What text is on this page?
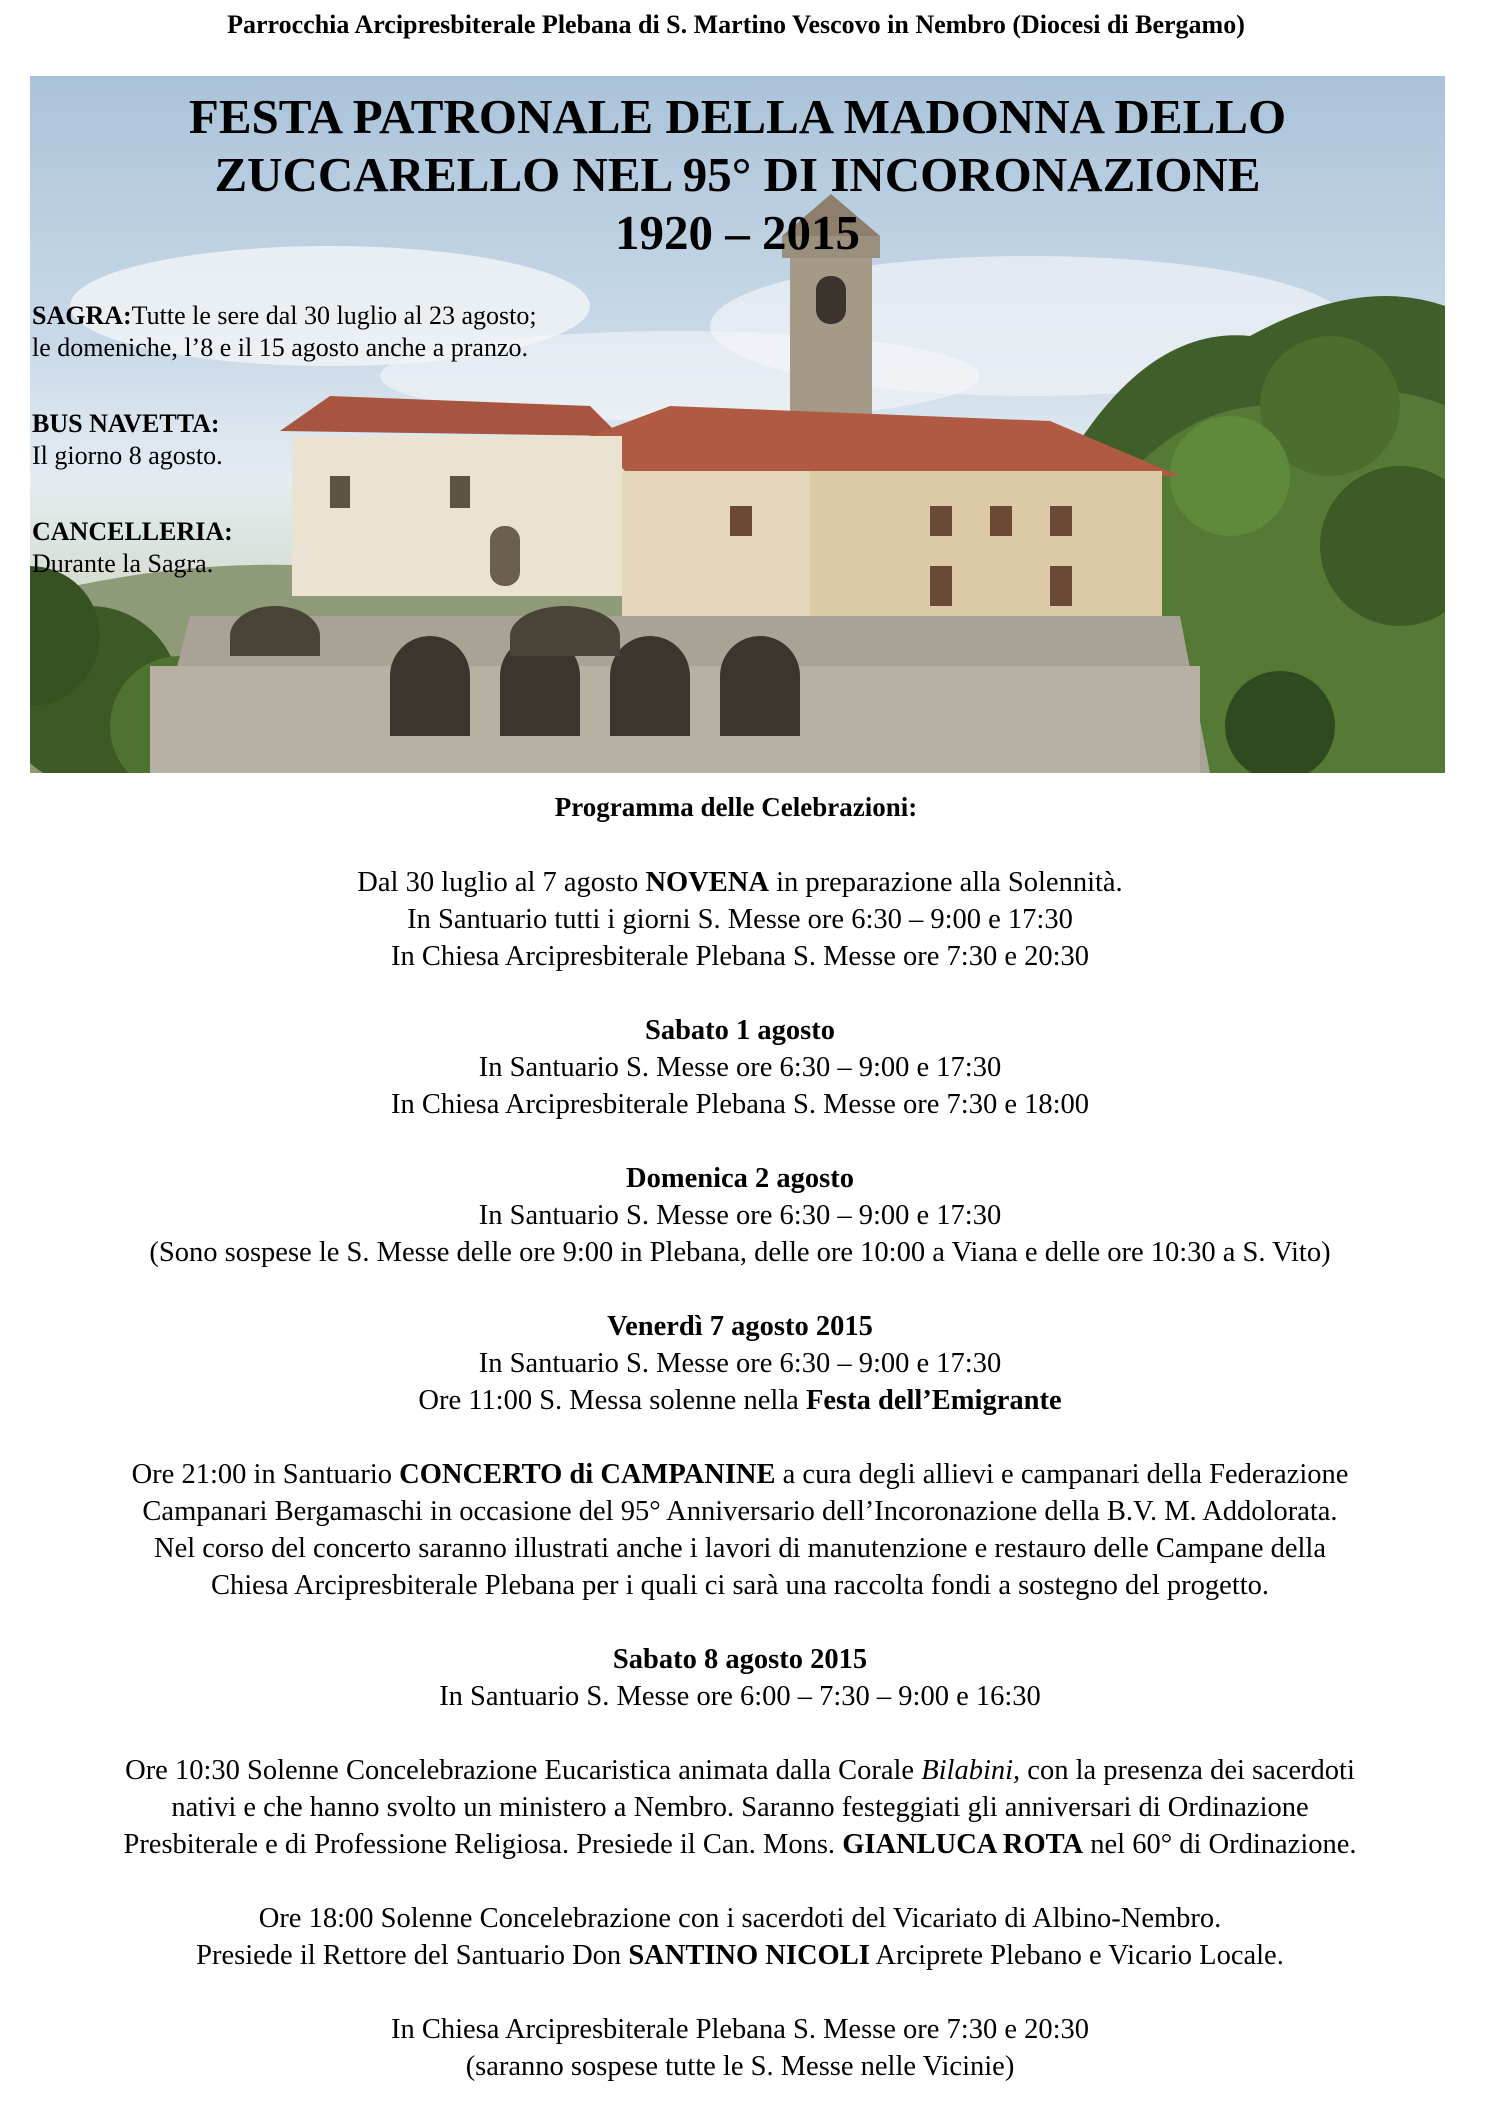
Parrocchia Arcipresbiterale Plebana di S. Martino Vescovo in Nembro (Diocesi di Bergamo)
FESTA PATRONALE DELLA MADONNA DELLO
ZUCCARELLO NEL 95° DI INCORONAZIONE
1920 – 2015
SAGRA:Tutte le sere dal 30 luglio al 23 agosto;
le domeniche, l’8 e il 15 agosto anche a pranzo.
BUS NAVETTA:
Il giorno 8 agosto.
CANCELLERIA:
Durante la Sagra.
Programma delle Celebrazioni:

Dal 30 luglio al 7 agosto NOVENA in preparazione alla Solennità.
In Santuario tutti i giorni S. Messe ore 6:30 – 9:00 e 17:30
In Chiesa Arcipresbiterale Plebana S. Messe ore 7:30 e 20:30

Sabato 1 agosto
In Santuario S. Messe ore 6:30 – 9:00 e 17:30
In Chiesa Arcipresbiterale Plebana S. Messe ore 7:30 e 18:00

Domenica 2 agosto
In Santuario S. Messe ore 6:30 – 9:00 e 17:30
(Sono sospese le S. Messe delle ore 9:00 in Plebana, delle ore 10:00 a Viana e delle ore 10:30 a S. Vito)

Venerdì 7 agosto 2015
In Santuario S. Messe ore 6:30 – 9:00 e 17:30
Ore 11:00 S. Messa solenne nella Festa dell’Emigrante

Ore 21:00 in Santuario CONCERTO di CAMPANINE a cura degli allievi e campanari della Federazione
Campanari Bergamaschi in occasione del 95° Anniversario dell’Incoronazione della B.V. M. Addolorata.
Nel corso del concerto saranno illustrati anche i lavori di manutenzione e restauro delle Campane della
Chiesa Arcipresbiterale Plebana per i quali ci sarà una raccolta fondi a sostegno del progetto.

Sabato 8 agosto 2015
In Santuario S. Messe ore 6:00 – 7:30 – 9:00 e 16:30

Ore 10:30 Solenne Concelebrazione Eucaristica animata dalla Corale Bilabini, con la presenza dei sacerdoti
nativi e che hanno svolto un ministero a Nembro. Saranno festeggiati gli anniversari di Ordinazione
Presbiterale e di Professione Religiosa. Presiede il Can. Mons. GIANLUCA ROTA nel 60° di Ordinazione.

Ore 18:00 Solenne Concelebrazione con i sacerdoti del Vicariato di Albino-Nembro.
Presiede il Rettore del Santuario Don SANTINO NICOLI Arciprete Plebano e Vicario Locale.

In Chiesa Arcipresbiterale Plebana S. Messe ore 7:30 e 20:30
(saranno sospese tutte le S. Messe nelle Vicinie)
